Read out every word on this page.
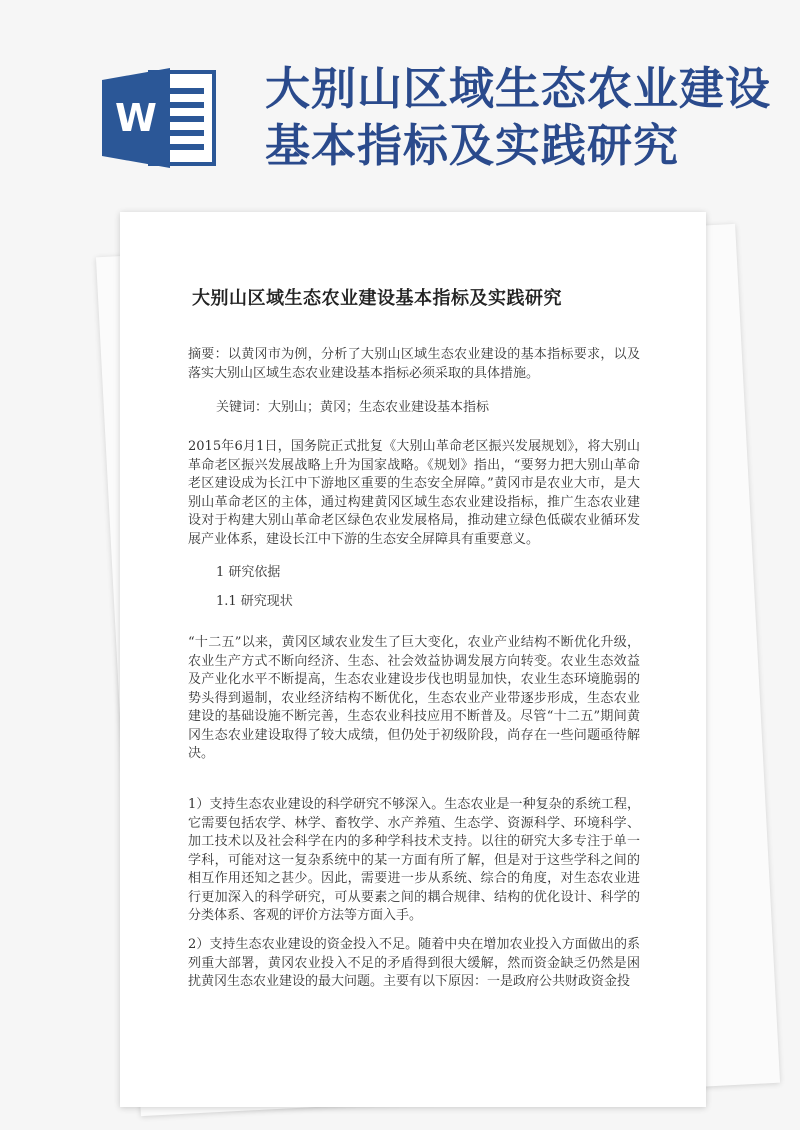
W
大别山区域生态农业建设基本指标及实践研究
大别山区域生态农业建设基本指标及实践研究

摘要：以黄冈市为例，分析了大别山区域生态农业建设的基本指标要求，以及落实大别山区域生态农业建设基本指标必须采取的具体措施。

关键词：大别山；黄冈；生态农业建设基本指标

2015年6月1日，国务院正式批复《大别山革命老区振兴发展规划》，将大别山革命老区振兴发展战略上升为国家战略。《规划》指出，“要努力把大别山革命老区建设成为长江中下游地区重要的生态安全屏障。”黄冈市是农业大市，是大别山革命老区的主体，通过构建黄冈区域生态农业建设指标，推广生态农业建设对于构建大别山革命老区绿色农业发展格局，推动建立绿色低碳农业循环发展产业体系，建设长江中下游的生态安全屏障具有重要意义。

1 研究依据
1.1 研究现状

“十二五”以来，黄冈区域农业发生了巨大变化，农业产业结构不断优化升级，农业生产方式不断向经济、生态、社会效益协调发展方向转变。农业生态效益及产业化水平不断提高，生态农业建设步伐也明显加快，农业生态环境脆弱的势头得到遏制，农业经济结构不断优化，生态农业产业带逐步形成，生态农业建设的基础设施不断完善，生态农业科技应用不断普及。尽管“十二五”期间黄冈生态农业建设取得了较大成绩，但仍处于初级阶段，尚存在一些问题亟待解决。

1）支持生态农业建设的科学研究不够深入。生态农业是一种复杂的系统工程，它需要包括农学、林学、畜牧学、水产养殖、生态学、资源科学、环境科学、加工技术以及社会科学在内的多种学科技术支持。以往的研究大多专注于单一学科，可能对这一复杂系统中的某一方面有所了解，但是对于这些学科之间的相互作用还知之甚少。因此，需要进一步从系统、综合的角度，对生态农业进行更加深入的科学研究，可从要素之间的耦合规律、结构的优化设计、科学的分类体系、客观的评价方法等方面入手。

2）支持生态农业建设的资金投入不足。随着中央在增加农业投入方面做出的系列重大部署，黄冈农业投入不足的矛盾得到很大缓解，然而资金缺乏仍然是困扰黄冈生态农业建设的最大问题。主要有以下原因：一是政府公共财政资金投
